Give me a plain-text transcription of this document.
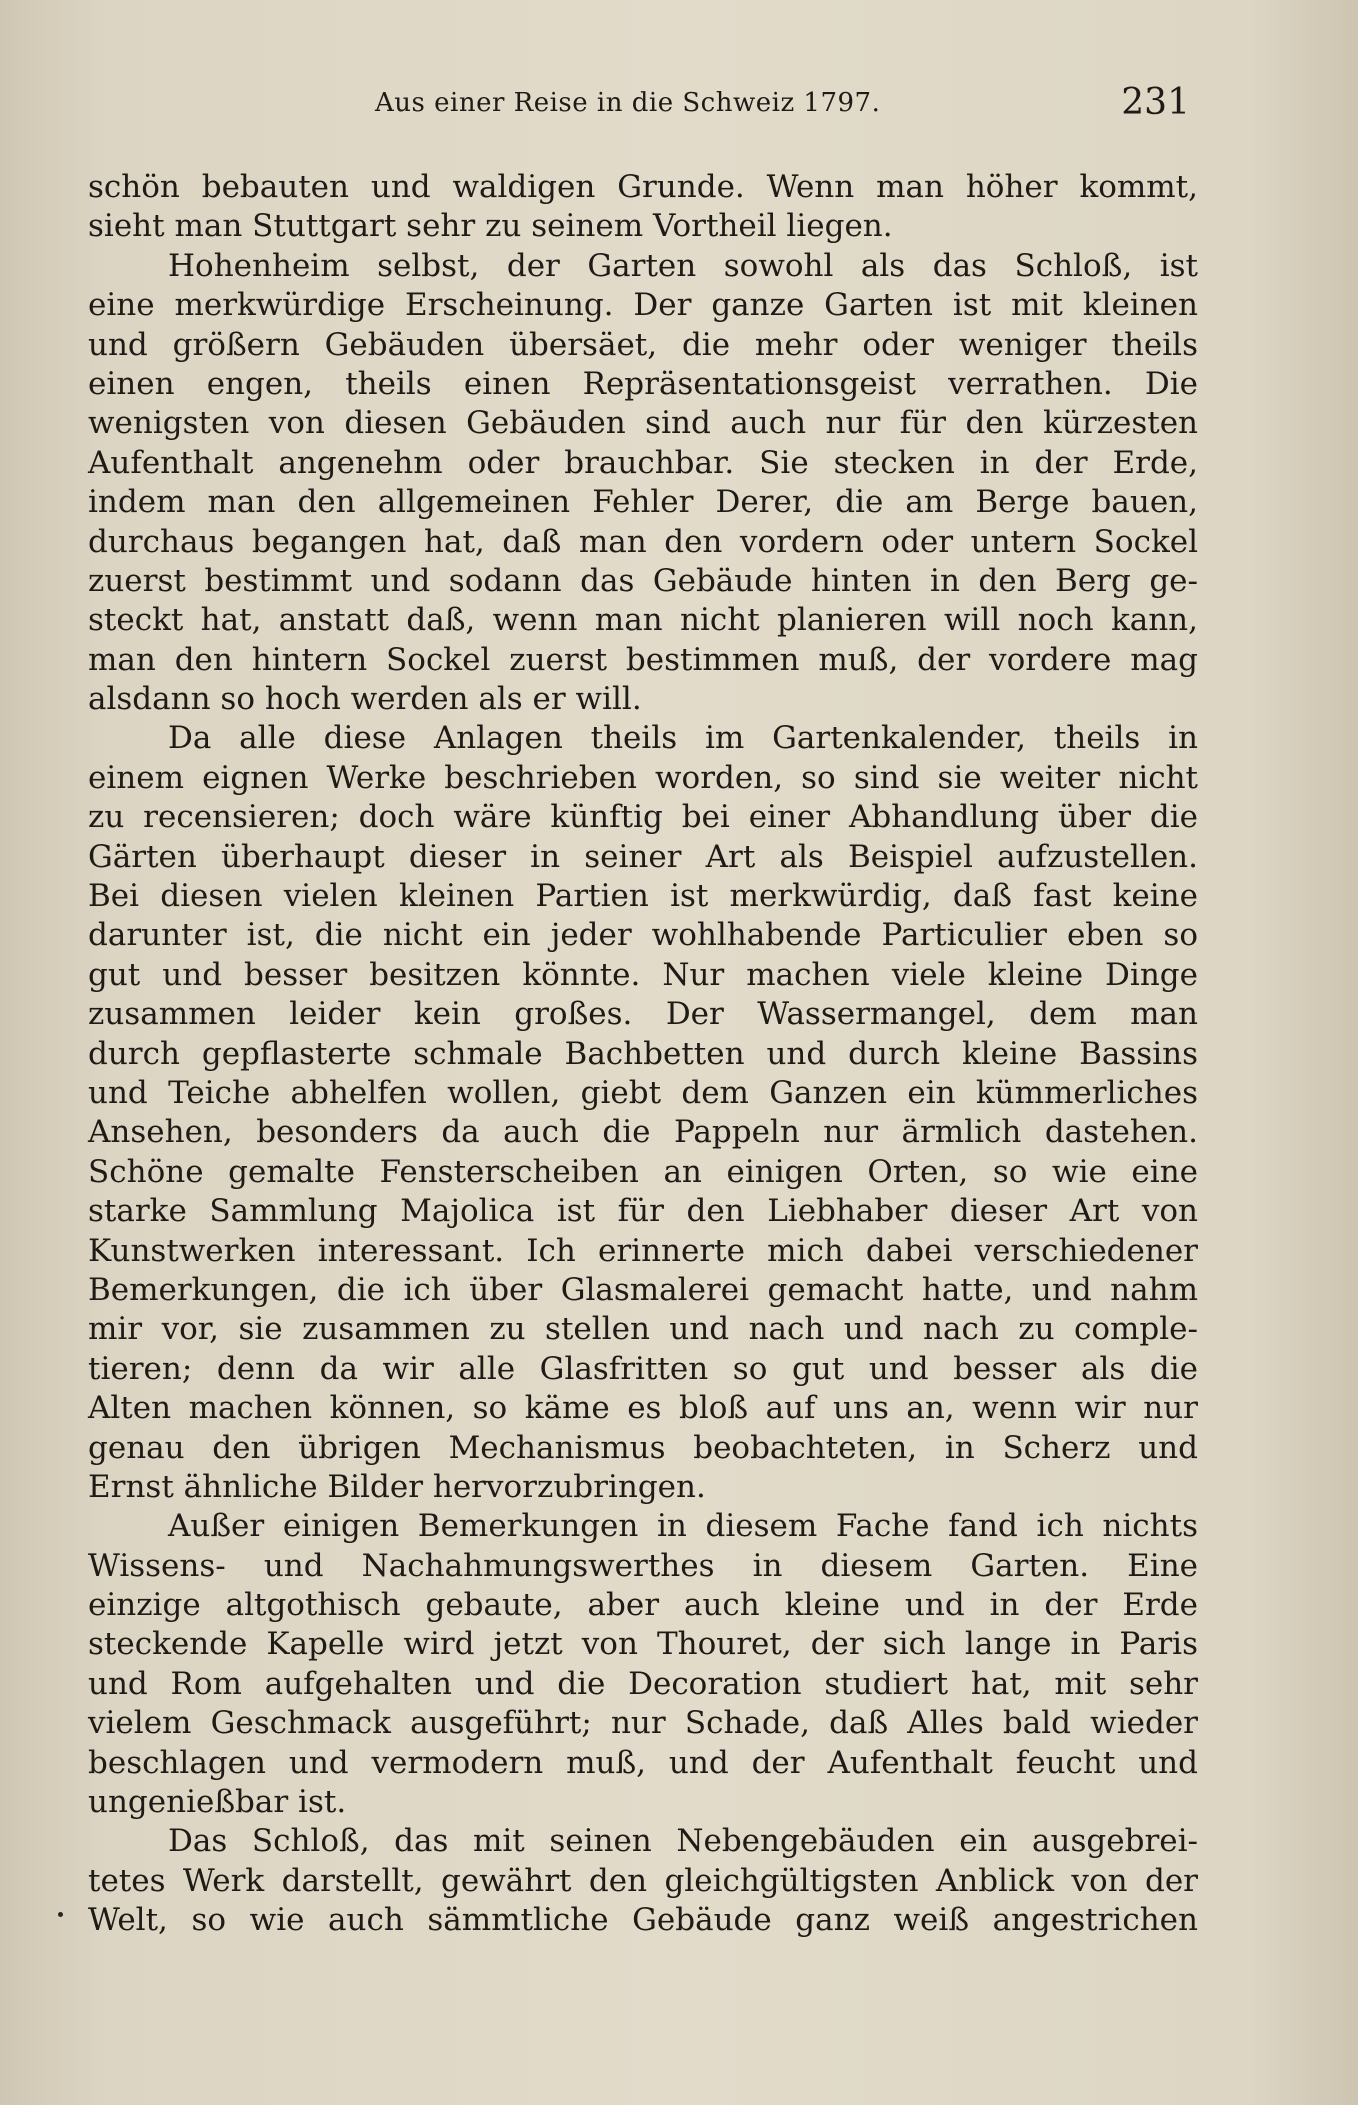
Aus einer Reise in die Schweiz 1797.	231
schön bebauten und waldigen Grunde. Wenn man höher kommt,
sieht man Stuttgart sehr zu seinem Vortheil liegen.
Hohenheim selbst, der Garten sowohl als das Schloß, ist
eine merkwürdige Erscheinung. Der ganze Garten ist mit kleinen
und größern Gebäuden übersäet, die mehr oder weniger theils
einen engen, theils einen Repräsentationsgeist verrathen. Die
wenigsten von diesen Gebäuden sind auch nur für den kürzesten
Aufenthalt angenehm oder brauchbar. Sie stecken in der Erde,
indem man den allgemeinen Fehler Derer, die am Berge bauen,
durchaus begangen hat, daß man den vordern oder untern Sockel
zuerst bestimmt und sodann das Gebäude hinten in den Berg ge-
steckt hat, anstatt daß, wenn man nicht planieren will noch kann,
man den hintern Sockel zuerst bestimmen muß, der vordere mag
alsdann so hoch werden als er will.
Da alle diese Anlagen theils im Gartenkalender, theils in
einem eignen Werke beschrieben worden, so sind sie weiter nicht
zu recensieren; doch wäre künftig bei einer Abhandlung über die
Gärten überhaupt dieser in seiner Art als Beispiel aufzustellen.
Bei diesen vielen kleinen Partien ist merkwürdig, daß fast keine
darunter ist, die nicht ein jeder wohlhabende Particulier eben so
gut und besser besitzen könnte. Nur machen viele kleine Dinge
zusammen leider kein großes. Der Wassermangel, dem man
durch gepflasterte schmale Bachbetten und durch kleine Bassins
und Teiche abhelfen wollen, giebt dem Ganzen ein kümmerliches
Ansehen, besonders da auch die Pappeln nur ärmlich dastehen.
Schöne gemalte Fensterscheiben an einigen Orten, so wie eine
starke Sammlung Majolica ist für den Liebhaber dieser Art von
Kunstwerken interessant. Ich erinnerte mich dabei verschiedener
Bemerkungen, die ich über Glasmalerei gemacht hatte, und nahm
mir vor, sie zusammen zu stellen und nach und nach zu comple-
tieren; denn da wir alle Glasfritten so gut und besser als die
Alten machen können, so käme es bloß auf uns an, wenn wir nur
genau den übrigen Mechanismus beobachteten, in Scherz und
Ernst ähnliche Bilder hervorzubringen.
Außer einigen Bemerkungen in diesem Fache fand ich nichts
Wissens- und Nachahmungswerthes in diesem Garten. Eine
einzige altgothisch gebaute, aber auch kleine und in der Erde
steckende Kapelle wird jetzt von Thouret, der sich lange in Paris
und Rom aufgehalten und die Decoration studiert hat, mit sehr
vielem Geschmack ausgeführt; nur Schade, daß Alles bald wieder
beschlagen und vermodern muß, und der Aufenthalt feucht und
ungenießbar ist.
Das Schloß, das mit seinen Nebengebäuden ein ausgebrei-
tetes Werk darstellt, gewährt den gleichgültigsten Anblick von der
Welt, so wie auch sämmtliche Gebäude ganz weiß angestrichen
